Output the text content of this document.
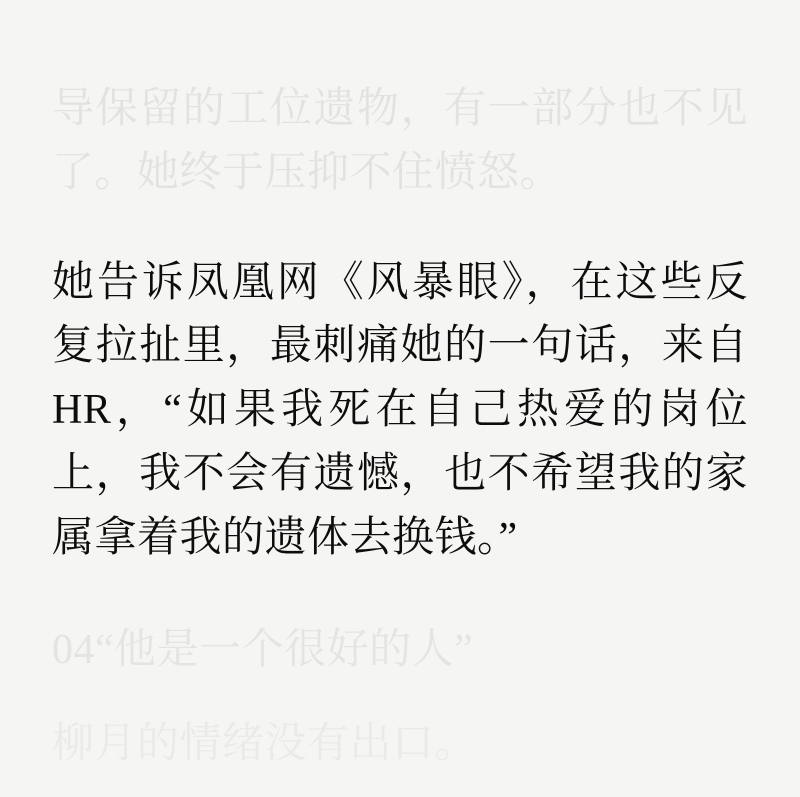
导保留的工位遗物，有一部分也不见了。她终于压抑不住愤怒。

她告诉凤凰网《风暴眼》，在这些反复拉扯里，最刺痛她的一句话，来自HR，“如果我死在自己热爱的岗位上，我不会有遗憾，也不希望我的家属拿着我的遗体去换钱。”

04“他是一个很好的人”

柳月的情绪没有出口。
